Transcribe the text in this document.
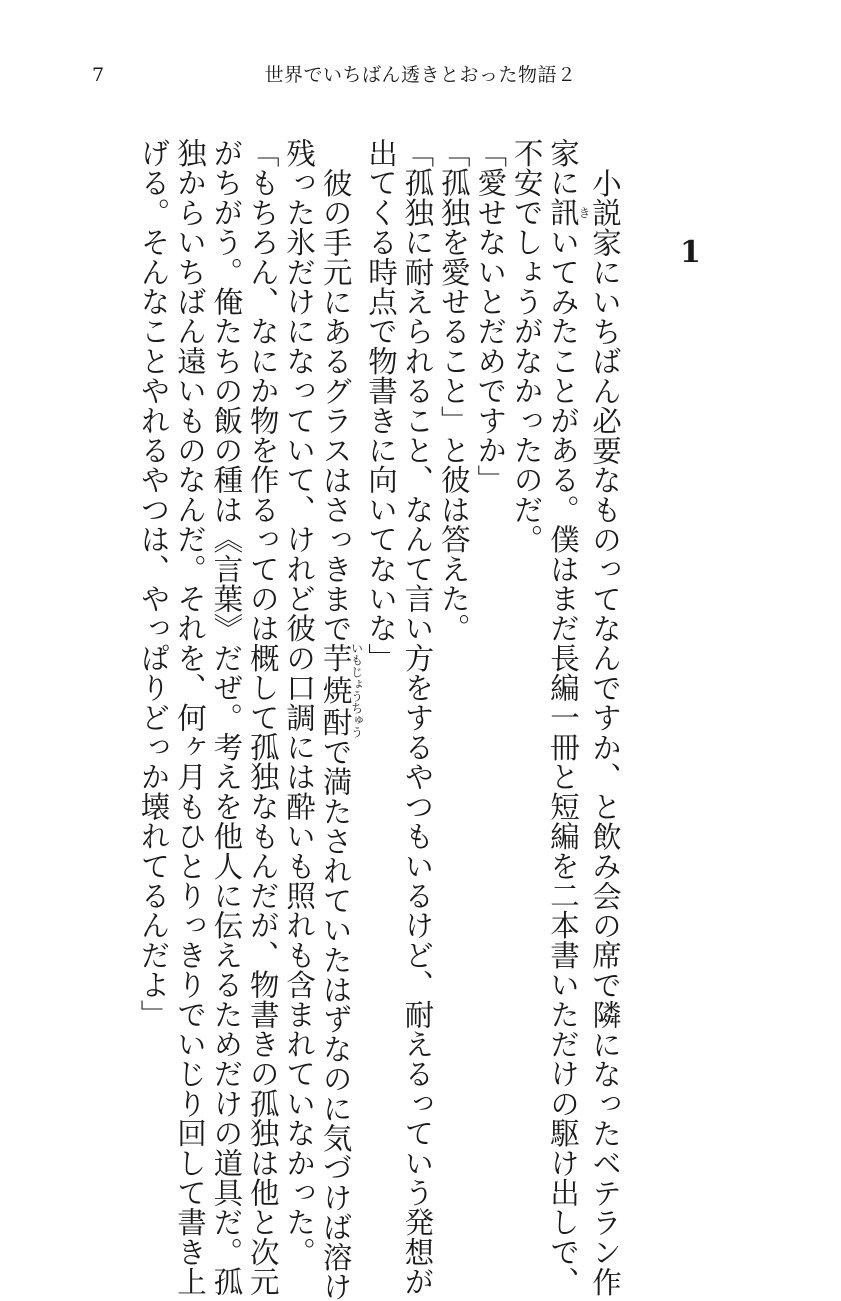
7	世界でいちばん透きとおった物語２
1

小説家にいちばん必要なものってなんですか、と飲み会の席で隣になったベテラン作
家に訊きいてみたことがある。僕はまだ長編一冊と短編を二本書いただけの駆け出しで、
不安でしょうがなかったのだ。

「愛せないとだめですか」

「孤独を愛せること」と彼は答えた。

「孤独に耐えられること、なんて言い方をするやつもいるけど、耐えるっていう発想が
出てくる時点で物書きに向いてないな」

彼の手元にあるグラスはさっきまで芋焼酎いもじょうちゅうで満たされていたはずなのに気づけば溶け
残った氷だけになっていて、けれど彼の口調には酔いも照れも含まれていなかった。

「もちろん、なにか物を作るってのは概して孤独なもんだが、物書きの孤独は他と次元
がちがう。俺たちの飯の種は《言葉》だぜ。考えを他人に伝えるためだけの道具だ。孤
独からいちばん遠いものなんだ。それを、何ヶ月もひとりっきりでいじり回して書き上
げる。そんなことやれるやつは、やっぱりどっか壊れてるんだよ」
